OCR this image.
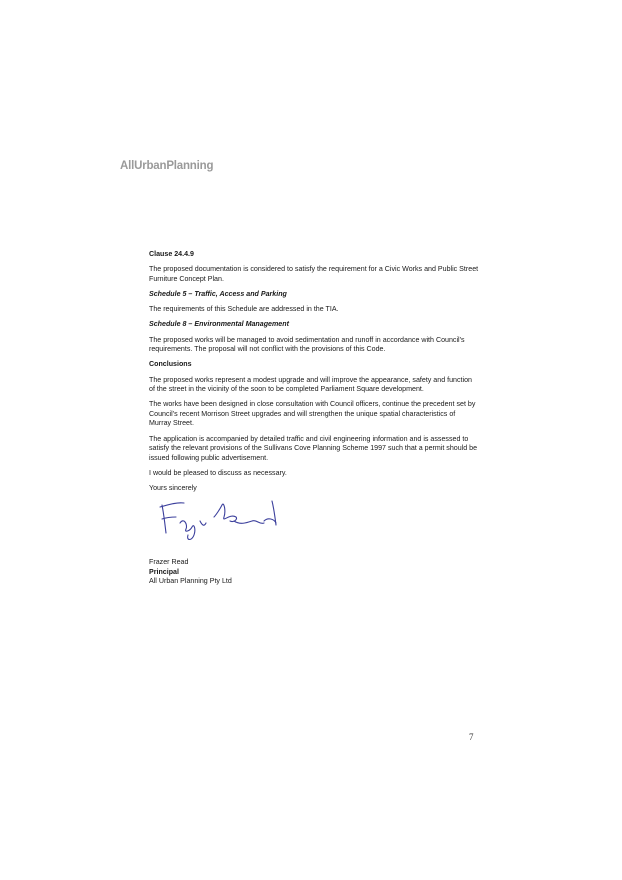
AllUrbanPlanning

Clause 24.4.9

The proposed documentation is considered to satisfy the requirement for a Civic Works and Public Street Furniture Concept Plan.

Schedule 5 – Traffic, Access and Parking

The requirements of this Schedule are addressed in the TIA.

Schedule 8 – Environmental Management

The proposed works will be managed to avoid sedimentation and runoff in accordance with Council’s requirements. The proposal will not conflict with the provisions of this Code.

Conclusions

The proposed works represent a modest upgrade and will improve the appearance, safety and function of the street in the vicinity of the soon to be completed Parliament Square development.

The works have been designed in close consultation with Council officers, continue the precedent set by Council’s recent Morrison Street upgrades and will strengthen the unique spatial characteristics of Murray Street.

The application is accompanied by detailed traffic and civil engineering information and is assessed to satisfy the relevant provisions of the Sullivans Cove Planning Scheme 1997 such that a permit should be issued following public advertisement.

I would be pleased to discuss as necessary.

Yours sincerely

Frazer Read
Principal
All Urban Planning Pty Ltd
7
